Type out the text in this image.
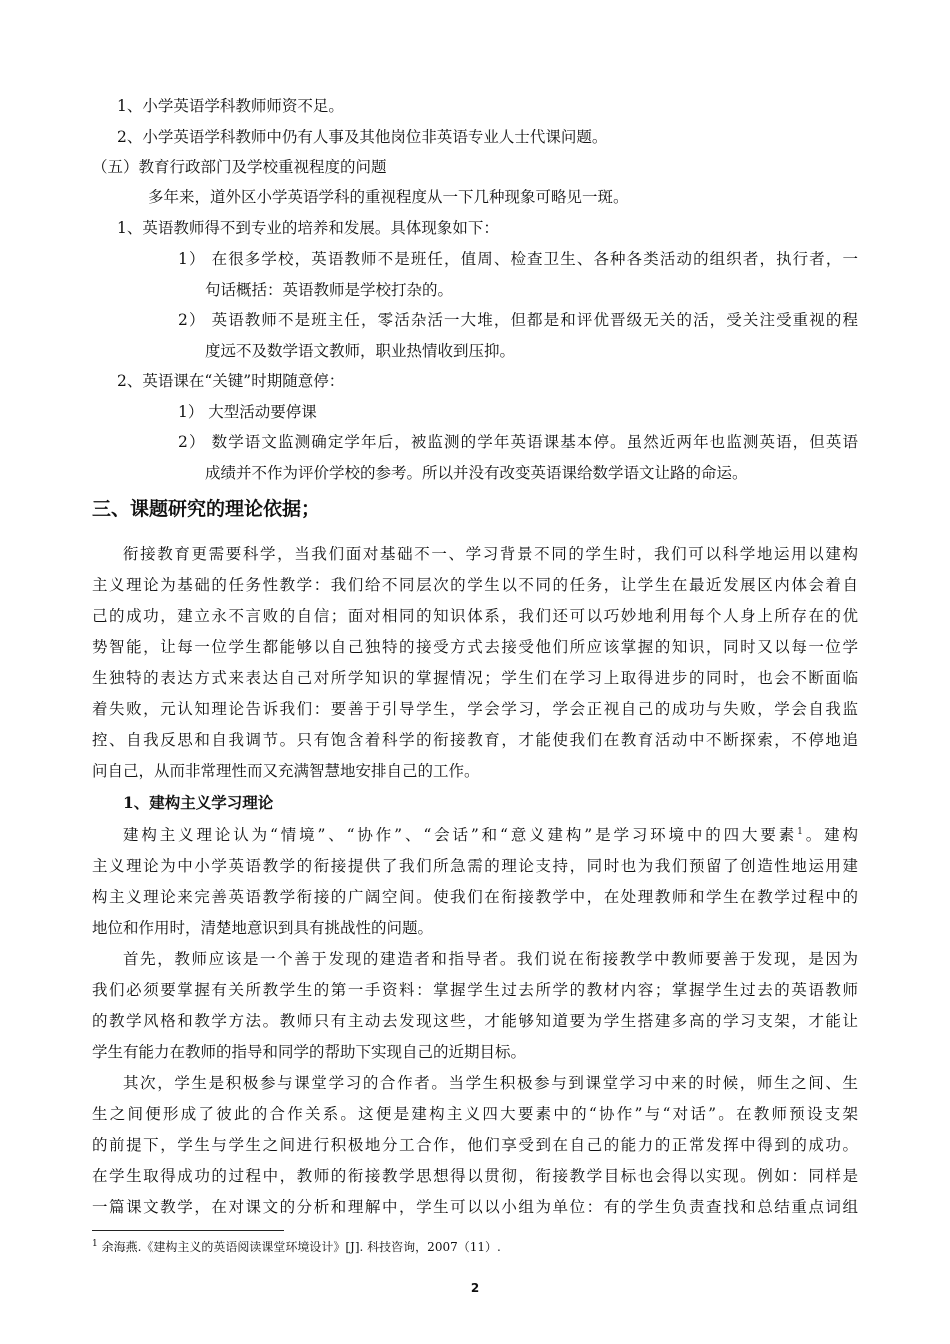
1、小学英语学科教师师资不足。
2、小学英语学科教师中仍有人事及其他岗位非英语专业人士代课问题。
（五）教育行政部门及学校重视程度的问题
多年来，道外区小学英语学科的重视程度从一下几种现象可略见一斑。
1、英语教师得不到专业的培养和发展。具体现象如下：
1） 在很多学校，英语教师不是班任，值周、检查卫生、各种各类活动的组织者，执行者，一
句话概括：英语教师是学校打杂的。
2） 英语教师不是班主任，零活杂活一大堆，但都是和评优晋级无关的活，受关注受重视的程
度远不及数学语文教师，职业热情收到压抑。
2、英语课在“关键”时期随意停：
1） 大型活动要停课
2） 数学语文监测确定学年后，被监测的学年英语课基本停。虽然近两年也监测英语，但英语
成绩并不作为评价学校的参考。所以并没有改变英语课给数学语文让路的命运。
三、课题研究的理论依据；
衔接教育更需要科学，当我们面对基础不一、学习背景不同的学生时，我们可以科学地运用以建构
主义理论为基础的任务性教学：我们给不同层次的学生以不同的任务，让学生在最近发展区内体会着自
己的成功，建立永不言败的自信；面对相同的知识体系，我们还可以巧妙地利用每个人身上所存在的优
势智能，让每一位学生都能够以自己独特的接受方式去接受他们所应该掌握的知识，同时又以每一位学
生独特的表达方式来表达自己对所学知识的掌握情况；学生们在学习上取得进步的同时，也会不断面临
着失败，元认知理论告诉我们：要善于引导学生，学会学习，学会正视自己的成功与失败，学会自我监
控、自我反思和自我调节。只有饱含着科学的衔接教育，才能使我们在教育活动中不断探索，不停地追
问自己，从而非常理性而又充满智慧地安排自己的工作。
1、建构主义学习理论
建构主义理论认为“情境”、“协作”、“会话”和“意义建构”是学习环境中的四大要素$^1$。建构
主义理论为中小学英语教学的衔接提供了我们所急需的理论支持，同时也为我们预留了创造性地运用建
构主义理论来完善英语教学衔接的广阔空间。使我们在衔接教学中，在处理教师和学生在教学过程中的
地位和作用时，清楚地意识到具有挑战性的问题。
首先，教师应该是一个善于发现的建造者和指导者。我们说在衔接教学中教师要善于发现，是因为
我们必须要掌握有关所教学生的第一手资料：掌握学生过去所学的教材内容；掌握学生过去的英语教师
的教学风格和教学方法。教师只有主动去发现这些，才能够知道要为学生搭建多高的学习支架，才能让
学生有能力在教师的指导和同学的帮助下实现自己的近期目标。
其次，学生是积极参与课堂学习的合作者。当学生积极参与到课堂学习中来的时候，师生之间、生
生之间便形成了彼此的合作关系。这便是建构主义四大要素中的“协作”与“对话”。在教师预设支架
的前提下，学生与学生之间进行积极地分工合作，他们享受到在自己的能力的正常发挥中得到的成功。
在学生取得成功的过程中，教师的衔接教学思想得以贯彻，衔接教学目标也会得以实现。例如：同样是
一篇课文教学，在对课文的分析和理解中，学生可以以小组为单位：有的学生负责查找和总结重点词组
$^1$ 余海燕.《建构主义的英语阅读课堂环境设计》[J]. 科技咨询，2007（11）.
2
